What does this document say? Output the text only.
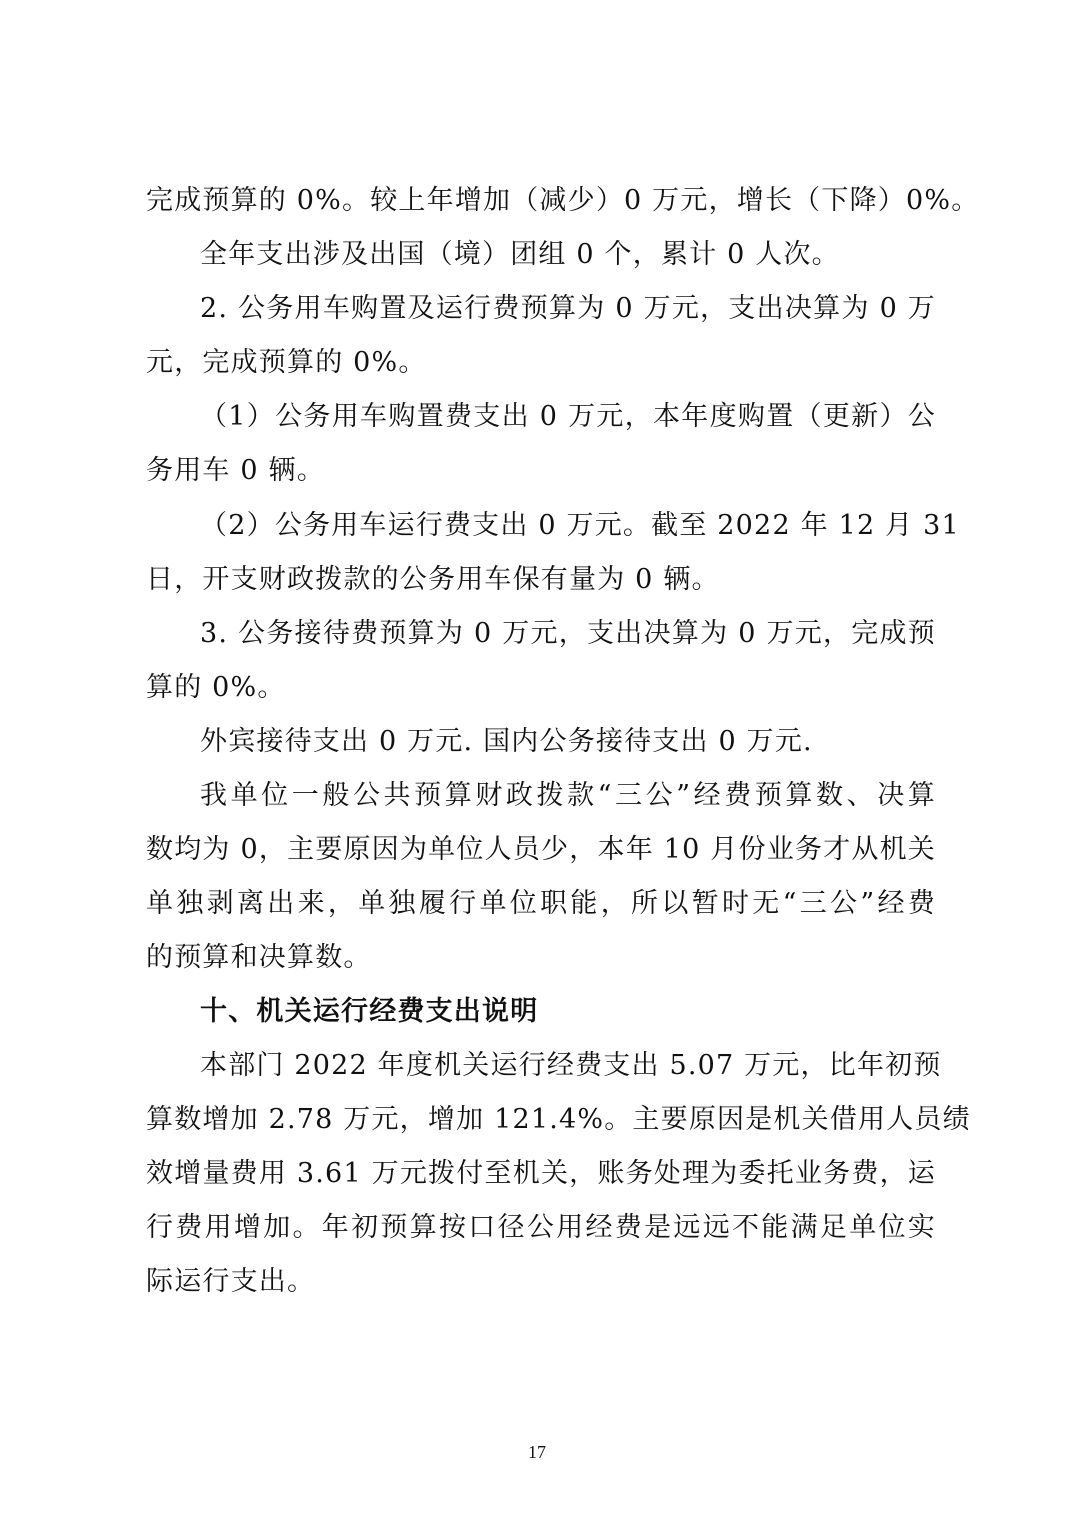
完成预算的 0%。较上年增加（减少）0 万元，增长（下降）0%。
全年支出涉及出国（境）团组 0 个，累计 0 人次。
2. 公务用车购置及运行费预算为 0 万元，支出决算为 0 万
元，完成预算的 0%。
（1）公务用车购置费支出 0 万元，本年度购置（更新）公
务用车 0 辆。
（2）公务用车运行费支出 0 万元。截至 2022 年 12 月 31
日，开支财政拨款的公务用车保有量为 0 辆。
3. 公务接待费预算为 0 万元，支出决算为 0 万元，完成预
算的 0%。
外宾接待支出 0 万元. 国内公务接待支出 0 万元.
我单位一般公共预算财政拨款“三公”经费预算数、决算
数均为 0，主要原因为单位人员少，本年 10 月份业务才从机关
单独剥离出来，单独履行单位职能，所以暂时无“三公”经费
的预算和决算数。
十、机关运行经费支出说明
本部门 2022 年度机关运行经费支出 5.07 万元，比年初预
算数增加 2.78 万元，增加 121.4%。主要原因是机关借用人员绩
效增量费用 3.61 万元拨付至机关，账务处理为委托业务费，运
行费用增加。年初预算按口径公用经费是远远不能满足单位实
际运行支出。
17
